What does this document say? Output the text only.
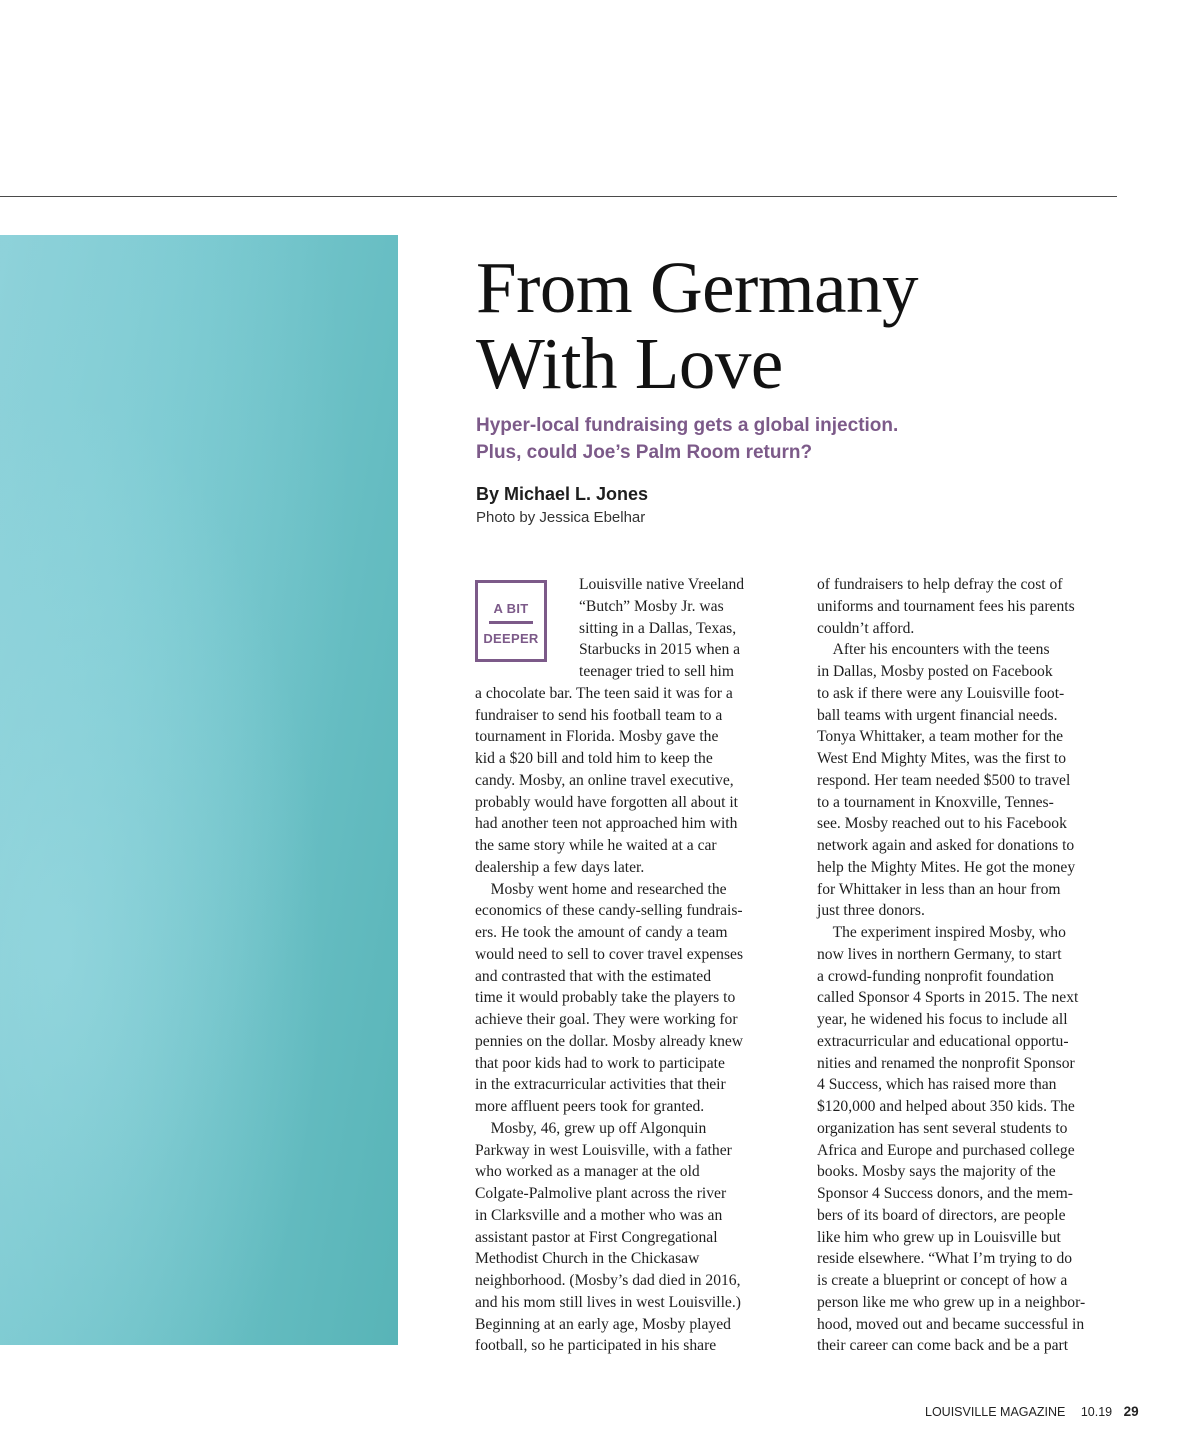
From Germany
With Love

Hyper-local fundraising gets a global injection.
Plus, could Joe’s Palm Room return?

By Michael L. Jones
Photo by Jessica Ebelhar
A BIT
DEEPER

Louisville native Vreeland

“Butch” Mosby Jr. was

sitting in a Dallas, Texas,

Starbucks in 2015 when a

teenager tried to sell him

a chocolate bar. The teen said it was for a

fundraiser to send his football team to a

tournament in Florida. Mosby gave the

kid a $20 bill and told him to keep the

candy. Mosby, an online travel executive,

probably would have forgotten all about it

had another teen not approached him with

the same story while he waited at a car

dealership a few days later.

 Mosby went home and researched the

economics of these candy-selling fundrais-

ers. He took the amount of candy a team

would need to sell to cover travel expenses

and contrasted that with the estimated

time it would probably take the players to

achieve their goal. They were working for

pennies on the dollar. Mosby already knew

that poor kids had to work to participate

in the extracurricular activities that their

more affluent peers took for granted.

 Mosby, 46, grew up off Algonquin

Parkway in west Louisville, with a father

who worked as a manager at the old

Colgate-Palmolive plant across the river

in Clarksville and a mother who was an

assistant pastor at First Congregational

Methodist Church in the Chickasaw

neighborhood. (Mosby’s dad died in 2016,

and his mom still lives in west Louisville.)

Beginning at an early age, Mosby played

football, so he participated in his share

of fundraisers to help defray the cost of

uniforms and tournament fees his parents

couldn’t afford.

 After his encounters with the teens

in Dallas, Mosby posted on Facebook

to ask if there were any Louisville foot-

ball teams with urgent financial needs.

Tonya Whittaker, a team mother for the

West End Mighty Mites, was the first to

respond. Her team needed $500 to travel

to a tournament in Knoxville, Tennes-

see. Mosby reached out to his Facebook

network again and asked for donations to

help the Mighty Mites. He got the money

for Whittaker in less than an hour from

just three donors.

 The experiment inspired Mosby, who

now lives in northern Germany, to start

a crowd-funding nonprofit foundation

called Sponsor 4 Sports in 2015. The next

year, he widened his focus to include all

extracurricular and educational opportu-

nities and renamed the nonprofit Sponsor

4 Success, which has raised more than

$120,000 and helped about 350 kids. The

organization has sent several students to

Africa and Europe and purchased college

books. Mosby says the majority of the

Sponsor 4 Success donors, and the mem-

bers of its board of directors, are people

like him who grew up in Louisville but

reside elsewhere. “What I’m trying to do

is create a blueprint or concept of how a

person like me who grew up in a neighbor-

hood, moved out and became successful in

their career can come back and be a part

LOUISVILLE MAGAZINE 10.19 29
